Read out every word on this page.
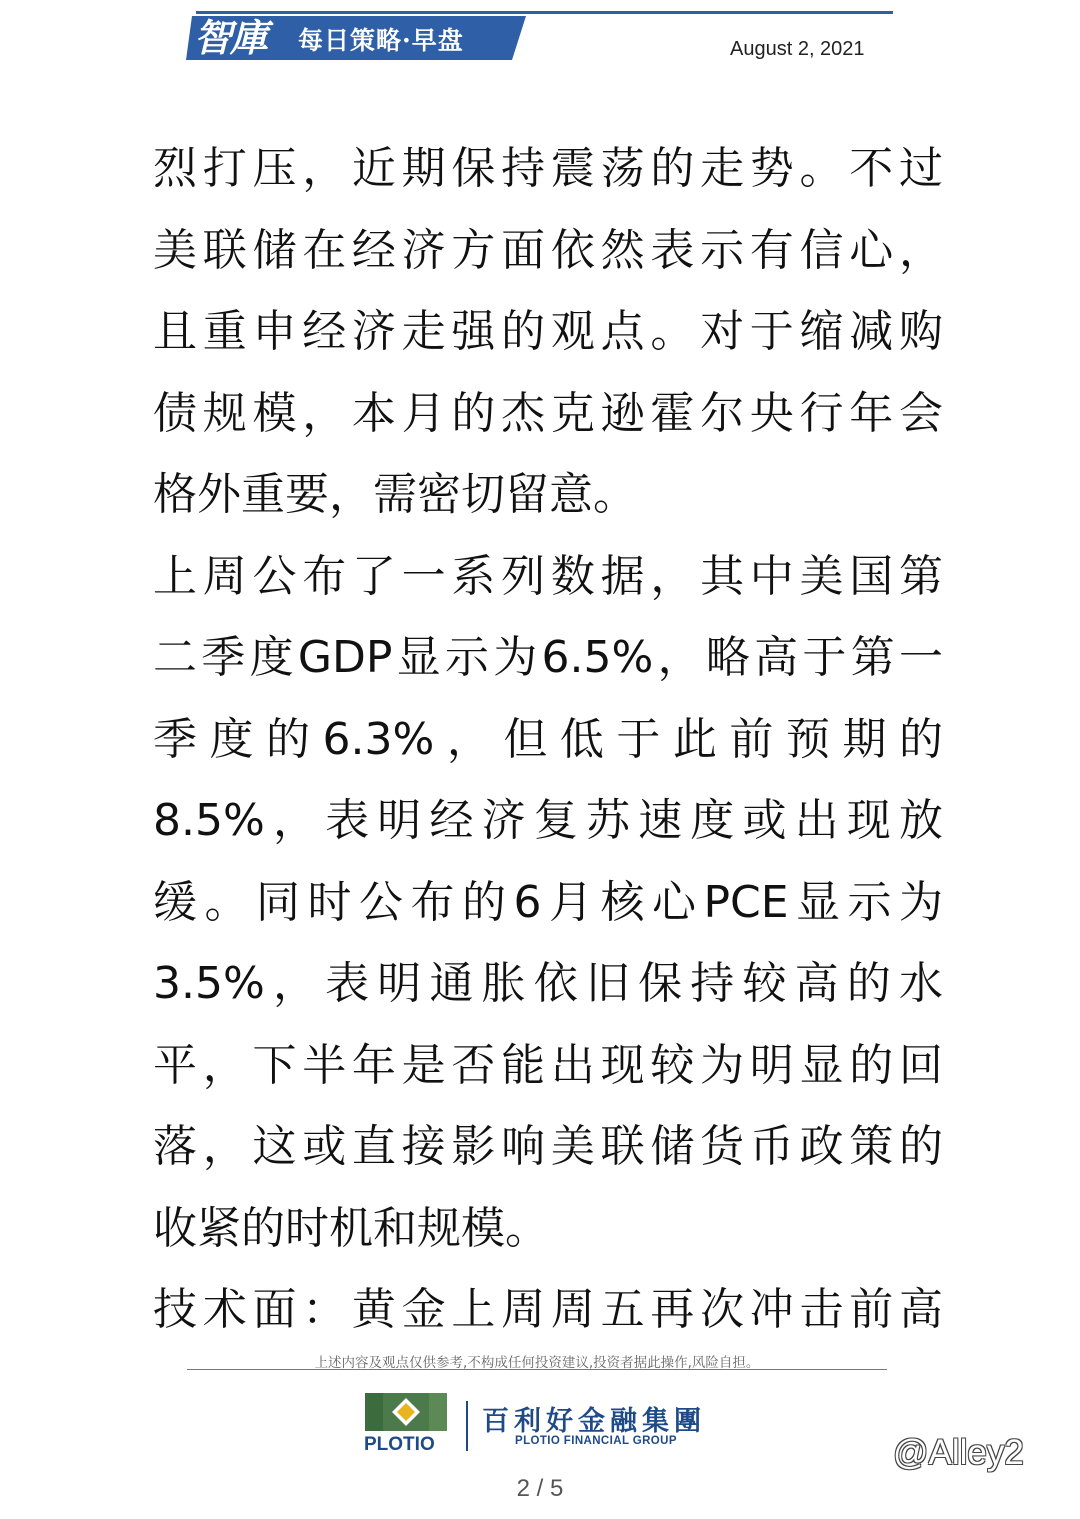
智庫 每日策略·早盘	August 2, 2021
烈打压，近期保持震荡的走势。不过
美联储在经济方面依然表示有信心，
且重申经济走强的观点。对于缩减购
债规模，本月的杰克逊霍尔央行年会
格外重要，需密切留意。
上周公布了一系列数据，其中美国第
二季度GDP显示为6.5%，略高于第一
季度的6.3%，但低于此前预期的
8.5%，表明经济复苏速度或出现放
缓。同时公布的6月核心PCE显示为
3.5%，表明通胀依旧保持较高的水
平，下半年是否能出现较为明显的回
落，这或直接影响美联储货币政策的
收紧的时机和规模。
技术面：黄金上周周五再次冲击前高
上述内容及观点仅供参考,不构成任何投资建议,投资者据此操作,风险自担。
PLOTIO
百利好金融集團
PLOTIO FINANCIAL GROUP	@Alley2
2 / 5
